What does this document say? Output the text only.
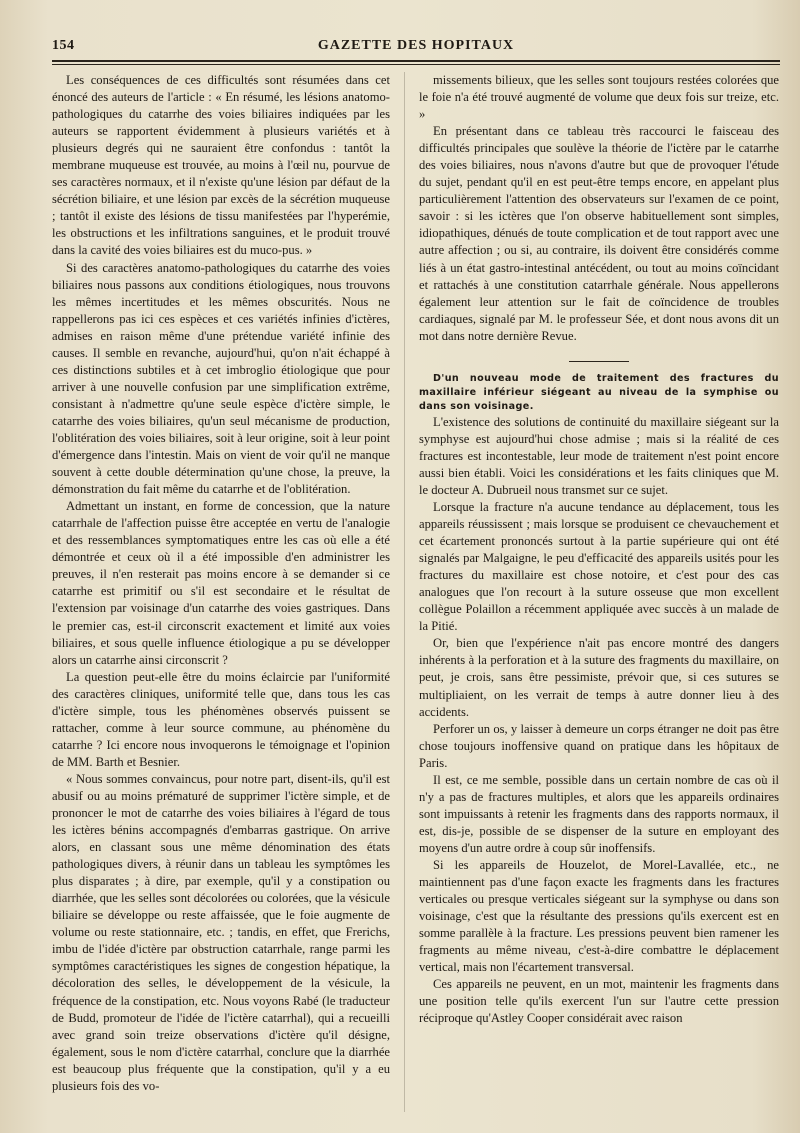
154	GAZETTE DES HOPITAUX

Les conséquences de ces difficultés sont résumées dans cet énoncé des auteurs de l'article : « En résumé, les lésions anatomo-pathologiques du catarrhe des voies biliaires indiquées par les auteurs se rapportent évidemment à plusieurs variétés et à plusieurs degrés qui ne sauraient être confondus : tantôt la membrane muqueuse est trouvée, au moins à l'œil nu, pourvue de ses caractères normaux, et il n'existe qu'une lésion par défaut de la sécrétion biliaire, et une lésion par excès de la sécrétion muqueuse ; tantôt il existe des lésions de tissu manifestées par l'hyperémie, les obstructions et les infiltrations sanguines, et le produit trouvé dans la cavité des voies biliaires est du muco-pus. »

Si des caractères anatomo-pathologiques du catarrhe des voies biliaires nous passons aux conditions étiologiques, nous trouvons les mêmes incertitudes et les mêmes obscurités. Nous ne rappellerons pas ici ces espèces et ces variétés infinies d'ictères, admises en raison même d'une prétendue variété infinie des causes. Il semble en revanche, aujourd'hui, qu'on n'ait échappé à ces distinctions subtiles et à cet imbroglio étiologique que pour arriver à une nouvelle confusion par une simplification extrême, consistant à n'admettre qu'une seule espèce d'ictère simple, le catarrhe des voies biliaires, qu'un seul mécanisme de production, l'oblitération des voies biliaires, soit à leur origine, soit à leur point d'émergence dans l'intestin. Mais on vient de voir qu'il ne manque souvent à cette double détermination qu'une chose, la preuve, la démonstration du fait même du catarrhe et de l'oblitération.

Admettant un instant, en forme de concession, que la nature catarrhale de l'affection puisse être acceptée en vertu de l'analogie et des ressemblances symptomatiques entre les cas où elle a été démontrée et ceux où il a été impossible d'en administrer les preuves, il n'en resterait pas moins encore à se demander si ce catarrhe est primitif ou s'il est secondaire et le résultat de l'extension par voisinage d'un catarrhe des voies gastriques. Dans le premier cas, est-il circonscrit exactement et limité aux voies biliaires, et sous quelle influence étiologique a pu se développer alors un catarrhe ainsi circonscrit ?

La question peut-elle être du moins éclaircie par l'uniformité des caractères cliniques, uniformité telle que, dans tous les cas d'ictère simple, tous les phénomènes observés puissent se rattacher, comme à leur source commune, au phénomène du catarrhe ? Ici encore nous invoquerons le témoignage et l'opinion de MM. Barth et Besnier.

« Nous sommes convaincus, pour notre part, disent-ils, qu'il est abusif ou au moins prématuré de supprimer l'ictère simple, et de prononcer le mot de catarrhe des voies biliaires à l'égard de tous les ictères bénins accompagnés d'embarras gastrique. On arrive alors, en classant sous une même dénomination des états pathologiques divers, à réunir dans un tableau les symptômes les plus disparates ; à dire, par exemple, qu'il y a constipation ou diarrhée, que les selles sont décolorées ou colorées, que la vésicule biliaire se développe ou reste affaissée, que le foie augmente de volume ou reste stationnaire, etc. ; tandis, en effet, que Frerichs, imbu de l'idée d'ictère par obstruction catarrhale, range parmi les symptômes caractéristiques les signes de congestion hépatique, la décoloration des selles, le développement de la vésicule, la fréquence de la constipation, etc. Nous voyons Rabé (le traducteur de Budd, promoteur de l'idée de l'ictère catarrhal), qui a recueilli avec grand soin treize observations d'ictère qu'il désigne, également, sous le nom d'ictère catarrhal, conclure que la diarrhée est beaucoup plus fréquente que la constipation, qu'il y a eu plusieurs fois des vo-

missements bilieux, que les selles sont toujours restées colorées que le foie n'a été trouvé augmenté de volume que deux fois sur treize, etc. »

En présentant dans ce tableau très raccourci le faisceau des difficultés principales que soulève la théorie de l'ictère par le catarrhe des voies biliaires, nous n'avons d'autre but que de provoquer l'étude du sujet, pendant qu'il en est peut-être temps encore, en appelant plus particulièrement l'attention des observateurs sur l'examen de ce point, savoir : si les ictères que l'on observe habituellement sont simples, idiopathiques, dénués de toute complication et de tout rapport avec une autre affection ; ou si, au contraire, ils doivent être considérés comme liés à un état gastro-intestinal antécédent, ou tout au moins coïncidant et rattachés à une constitution catarrhale générale. Nous appellerons également leur attention sur le fait de coïncidence de troubles cardiaques, signalé par M. le professeur Sée, et dont nous avons dit un mot dans notre dernière Revue.

D'un nouveau mode de traitement des fractures du maxillaire inférieur siégeant au niveau de la symphise ou dans son voisinage.

L'existence des solutions de continuité du maxillaire siégeant sur la symphyse est aujourd'hui chose admise ; mais si la réalité de ces fractures est incontestable, leur mode de traitement n'est point encore aussi bien établi. Voici les considérations et les faits cliniques que M. le docteur A. Dubrueil nous transmet sur ce sujet.

Lorsque la fracture n'a aucune tendance au déplacement, tous les appareils réussissent ; mais lorsque se produisent ce chevauchement et cet écartement prononcés surtout à la partie supérieure qui ont été signalés par Malgaigne, le peu d'efficacité des appareils usités pour les fractures du maxillaire est chose notoire, et c'est pour des cas analogues que l'on recourt à la suture osseuse que mon excellent collègue Polaillon a récemment appliquée avec succès à un malade de la Pitié.

Or, bien que l'expérience n'ait pas encore montré des dangers inhérents à la perforation et à la suture des fragments du maxillaire, on peut, je crois, sans être pessimiste, prévoir que, si ces sutures se multipliaient, on les verrait de temps à autre donner lieu à des accidents.

Perforer un os, y laisser à demeure un corps étranger ne doit pas être chose toujours inoffensive quand on pratique dans les hôpitaux de Paris.

Il est, ce me semble, possible dans un certain nombre de cas où il n'y a pas de fractures multiples, et alors que les appareils ordinaires sont impuissants à retenir les fragments dans des rapports normaux, il est, dis-je, possible de se dispenser de la suture en employant des moyens d'un autre ordre à coup sûr inoffensifs.

Si les appareils de Houzelot, de Morel-Lavallée, etc., ne maintiennent pas d'une façon exacte les fragments dans les fractures verticales ou presque verticales siégeant sur la symphyse ou dans son voisinage, c'est que la résultante des pressions qu'ils exercent est en somme parallèle à la fracture. Les pressions peuvent bien ramener les fragments au même niveau, c'est-à-dire combattre le déplacement vertical, mais non l'écartement transversal.

Ces appareils ne peuvent, en un mot, maintenir les fragments dans une position telle qu'ils exercent l'un sur l'autre cette pression réciproque qu'Astley Cooper considérait avec raison
